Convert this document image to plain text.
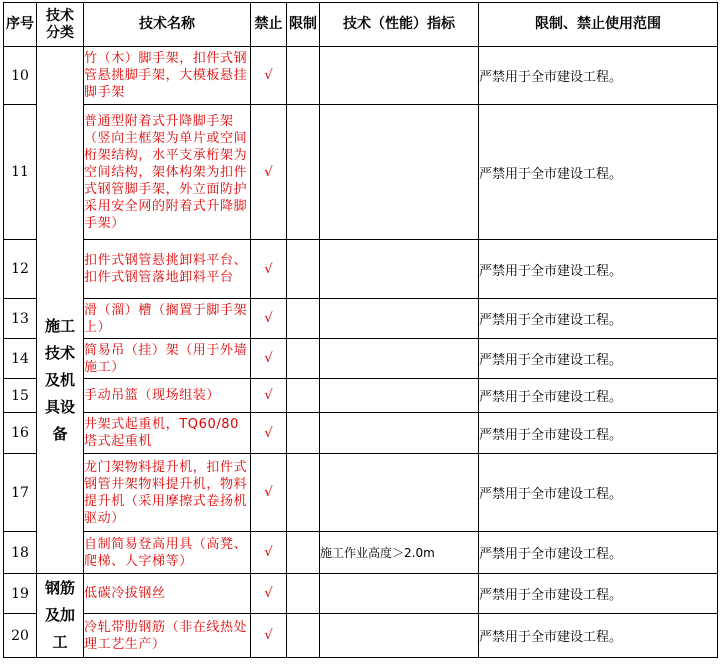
序号	技术分类	技术名称	禁止	限制	技术（性能）指标	限制、禁止使用范围	
10	施工技术及机具设备	竹（木）脚手架，扣件式钢管悬挑脚手架，大模板悬挂脚手架	√			严禁用于全市建设工程。	
11		普通型附着式升降脚手架（竖向主框架为单片或空间桁架结构，水平支承桁架为空间结构，架体构架为扣件式钢管脚手架，外立面防护采用安全网的附着式升降脚手架）	√			严禁用于全市建设工程。	
12		扣件式钢管悬挑卸料平台、扣件式钢管落地卸料平台	√			严禁用于全市建设工程。	
13		滑（溜）槽（搁置于脚手架上）	√			严禁用于全市建设工程。	
14		简易吊（挂）架（用于外墙施工）	√			严禁用于全市建设工程。	
15		手动吊篮（现场组装）	√			严禁用于全市建设工程。	
16		井架式起重机，TQ60/80塔式起重机	√			严禁用于全市建设工程。	
17		龙门架物料提升机，扣件式钢管井架物料提升机，物料提升机（采用摩擦式卷扬机驱动）	√			严禁用于全市建设工程。	
18		自制简易登高用具（高凳、爬梯、人字梯等）	√		施工作业高度＞2.0m	严禁用于全市建设工程。	
19	钢筋及加工	低碳冷拔钢丝	√			严禁用于全市建设工程。	
20		冷轧带肋钢筋（非在线热处理工艺生产）	√			严禁用于全市建设工程。	
